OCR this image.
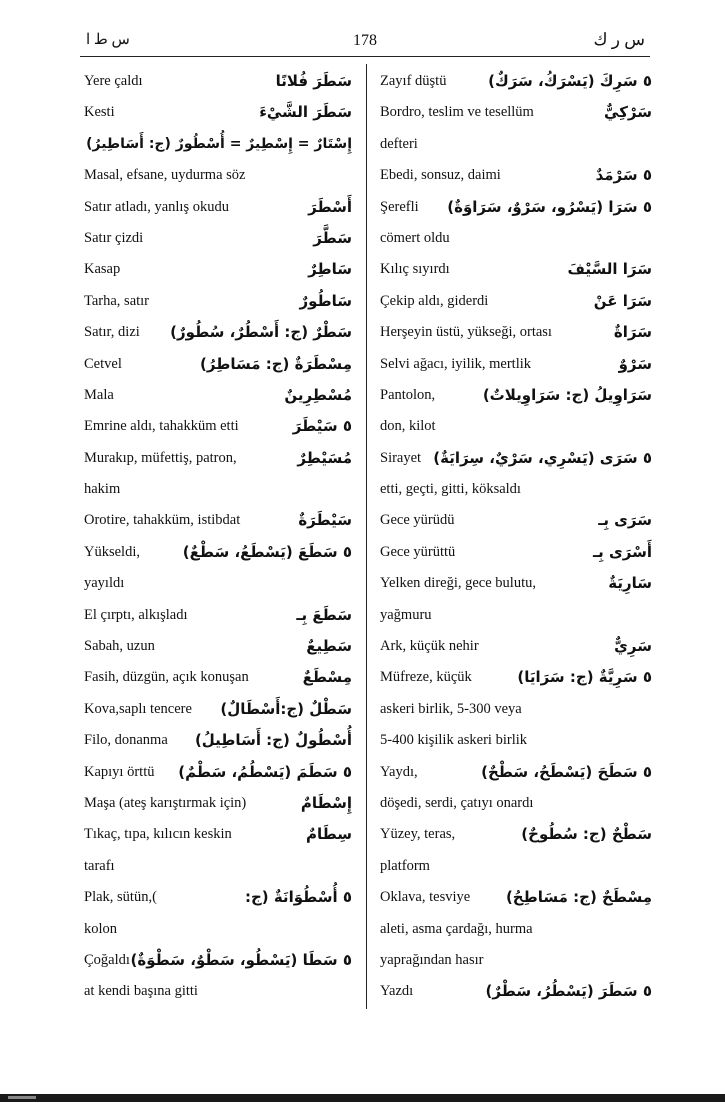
س ط ا	178	س ر ك
Yere çaldı	سَطَرَ فُلانًا
Kesti	سَطَرَ الشَّيْءَ
إِسْتَارٌ = إِسْطِيرٌ = أُسْطُورٌ (ج: أَسَاطِيرُ)
Masal, efsane, uydurma söz
Satır atladı, yanlış okudu	أَسْطَرَ
Satır çizdi	سَطَّرَ
Kasap	سَاطِرٌ
Tarha, satır	سَاطُورٌ
Satır, dizi سَطْرٌ (ج: أَسْطُرٌ، سُطُورٌ)
Cetvel	مِسْطَرَةٌ (ج: مَسَاطِرُ)
Mala	مُسْطِرِينٌ
Emrine aldı, tahakküm etti	٥ سَيْطَرَ
Murakıp, müfettiş, patron,	مُسَيْطِرٌ
hakim
Orotire, tahakküm, istibdat	سَيْطَرَةٌ
Yükseldi,	٥ سَطَعَ (يَسْطَعُ، سَطْعٌ)
yayıldı
El çırptı, alkışladı	سَطَعَ بِـ
Sabah, uzun	سَطِيعٌ
Fasih, düzgün, açık konuşan	مِسْطَعٌ
Kova,saplı tencere سَطْلٌ (ج:أَسْطَالٌ)
Filo, donanma أُسْطُولٌ (ج: أَسَاطِيلُ)
Kapıyı örttü ٥ سَطَمَ (يَسْطُمُ، سَطْمٌ)
Maşa (ateş karıştırmak için)	إِسْطَامٌ
Tıkaç, tıpa, kılıcın keskin	سِطَامٌ
tarafı
Plak, sütün,(	٥ أُسْطُوَانَةٌ (ج:
kolon
Çoğaldı ٥ سَطَا (يَسْطُو، سَطْوٌ، سَطْوَةٌ)
at kendi başına gitti
Zayıf düştü	٥ سَرِكَ (يَسْرَكُ، سَرَكٌ)
Bordro, teslim ve tesellüm	سَرْكِيٌّ
defteri
Ebedi, sonsuz, daimi	٥ سَرْمَدٌ
Şerefli ٥ سَرَا (يَسْرُو، سَرْوٌ، سَرَاوَةٌ)
cömert oldu
Kılıç sıyırdı	سَرَا السَّيْفَ
Çekip aldı, giderdi	سَرَا عَنْ
Herşeyin üstü, yükseği, ortası	سَرَاةٌ
Selvi ağacı, iyilik, mertlik	سَرْوٌ
Pantolon,	سَرَاوِيلُ (ج: سَرَاوِيلاتٌ)
don, kilot
Sirayet ٥ سَرَى (يَسْرِي، سَرْيٌ، سِرَايَةٌ)
etti, geçti, gitti, köksaldı
Gece yürüdü	سَرَى بِـ
Gece yürüttü	أَسْرَى بِـ
Yelken direği, gece bulutu,	سَارِيَةٌ
yağmuru
Ark, küçük nehir	سَرِيٌّ
Müfreze, küçük	٥ سَرِيَّةٌ (ج: سَرَايَا)
askeri birlik, 5-300 veya
5-400 kişilik askeri birlik
Yaydı,	٥ سَطَحَ (يَسْطَحُ، سَطْحٌ)
döşedi, serdi, çatıyı onardı
Yüzey, teras,	سَطْحٌ (ج: سُطُوحٌ)
platform
Oklava, tesviye مِسْطَحٌ (ج: مَسَاطِحُ)
aleti, asma çardağı, hurma
yaprağından hasır
Yazdı	٥ سَطَرَ (يَسْطُرُ، سَطْرٌ)
